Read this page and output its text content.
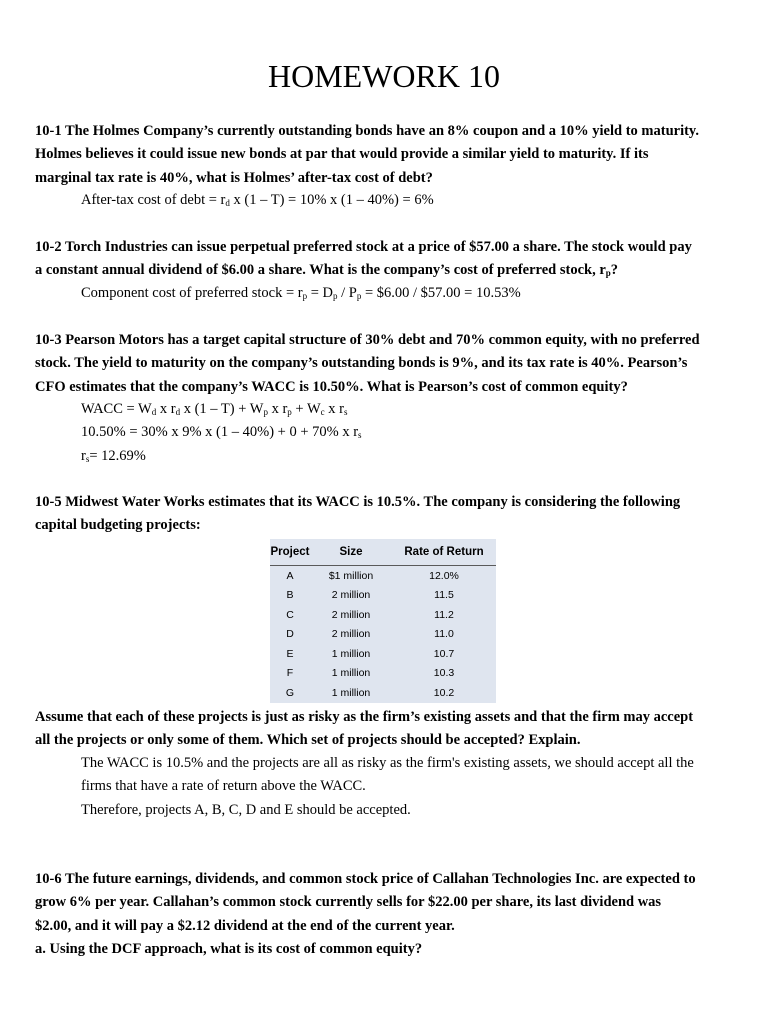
HOMEWORK 10
10-1 The Holmes Company’s currently outstanding bonds have an 8% coupon and a 10% yield to maturity.
Holmes believes it could issue new bonds at par that would provide a similar yield to maturity. If its
marginal tax rate is 40%, what is Holmes’ after-tax cost of debt?
After-tax cost of debt = $r_d$ x (1 – T) = 10% x (1 – 40%) = 6%
10-2 Torch Industries can issue perpetual preferred stock at a price of $57.00 a share. The stock would pay
a constant annual dividend of $6.00 a share. What is the company’s cost of preferred stock, $r_p$?
Component cost of preferred stock = $r_p = D_p / P_p$ = $6.00 / $57.00 = 10.53%
10-3 Pearson Motors has a target capital structure of 30% debt and 70% common equity, with no preferred
stock. The yield to maturity on the company’s outstanding bonds is 9%, and its tax rate is 40%. Pearson’s
CFO estimates that the company’s WACC is 10.50%. What is Pearson’s cost of common equity?
WACC = $W_d$ x $r_d$ x $(1 - T) + W_p$ x $r_p + W_c$ x $r_s$
10.50% = 30% x 9% x (1 – 40%) + 0 + 70% x $r_s$
$r_s= 12.69\%$
10-5 Midwest Water Works estimates that its WACC is 10.5%. The company is considering the following
capital budgeting projects:
Project	Size	Rate of Return
A	$1 million	12.0%
B	2 million	11.5
C	2 million	11.2
D	2 million	11.0
E	1 million	10.7
F	1 million	10.3
G	1 million	10.2
Assume that each of these projects is just as risky as the firm’s existing assets and that the firm may accept
all the projects or only some of them. Which set of projects should be accepted? Explain.
The WACC is 10.5% and the projects are all as risky as the firm's existing assets, we should accept all the
firms that have a rate of return above the WACC.
Therefore, projects A, B, C, D and E should be accepted.
10-6 The future earnings, dividends, and common stock price of Callahan Technologies Inc. are expected to
grow 6% per year. Callahan’s common stock currently sells for $22.00 per share, its last dividend was
$2.00, and it will pay a $2.12 dividend at the end of the current year.
a. Using the DCF approach, what is its cost of common equity?
